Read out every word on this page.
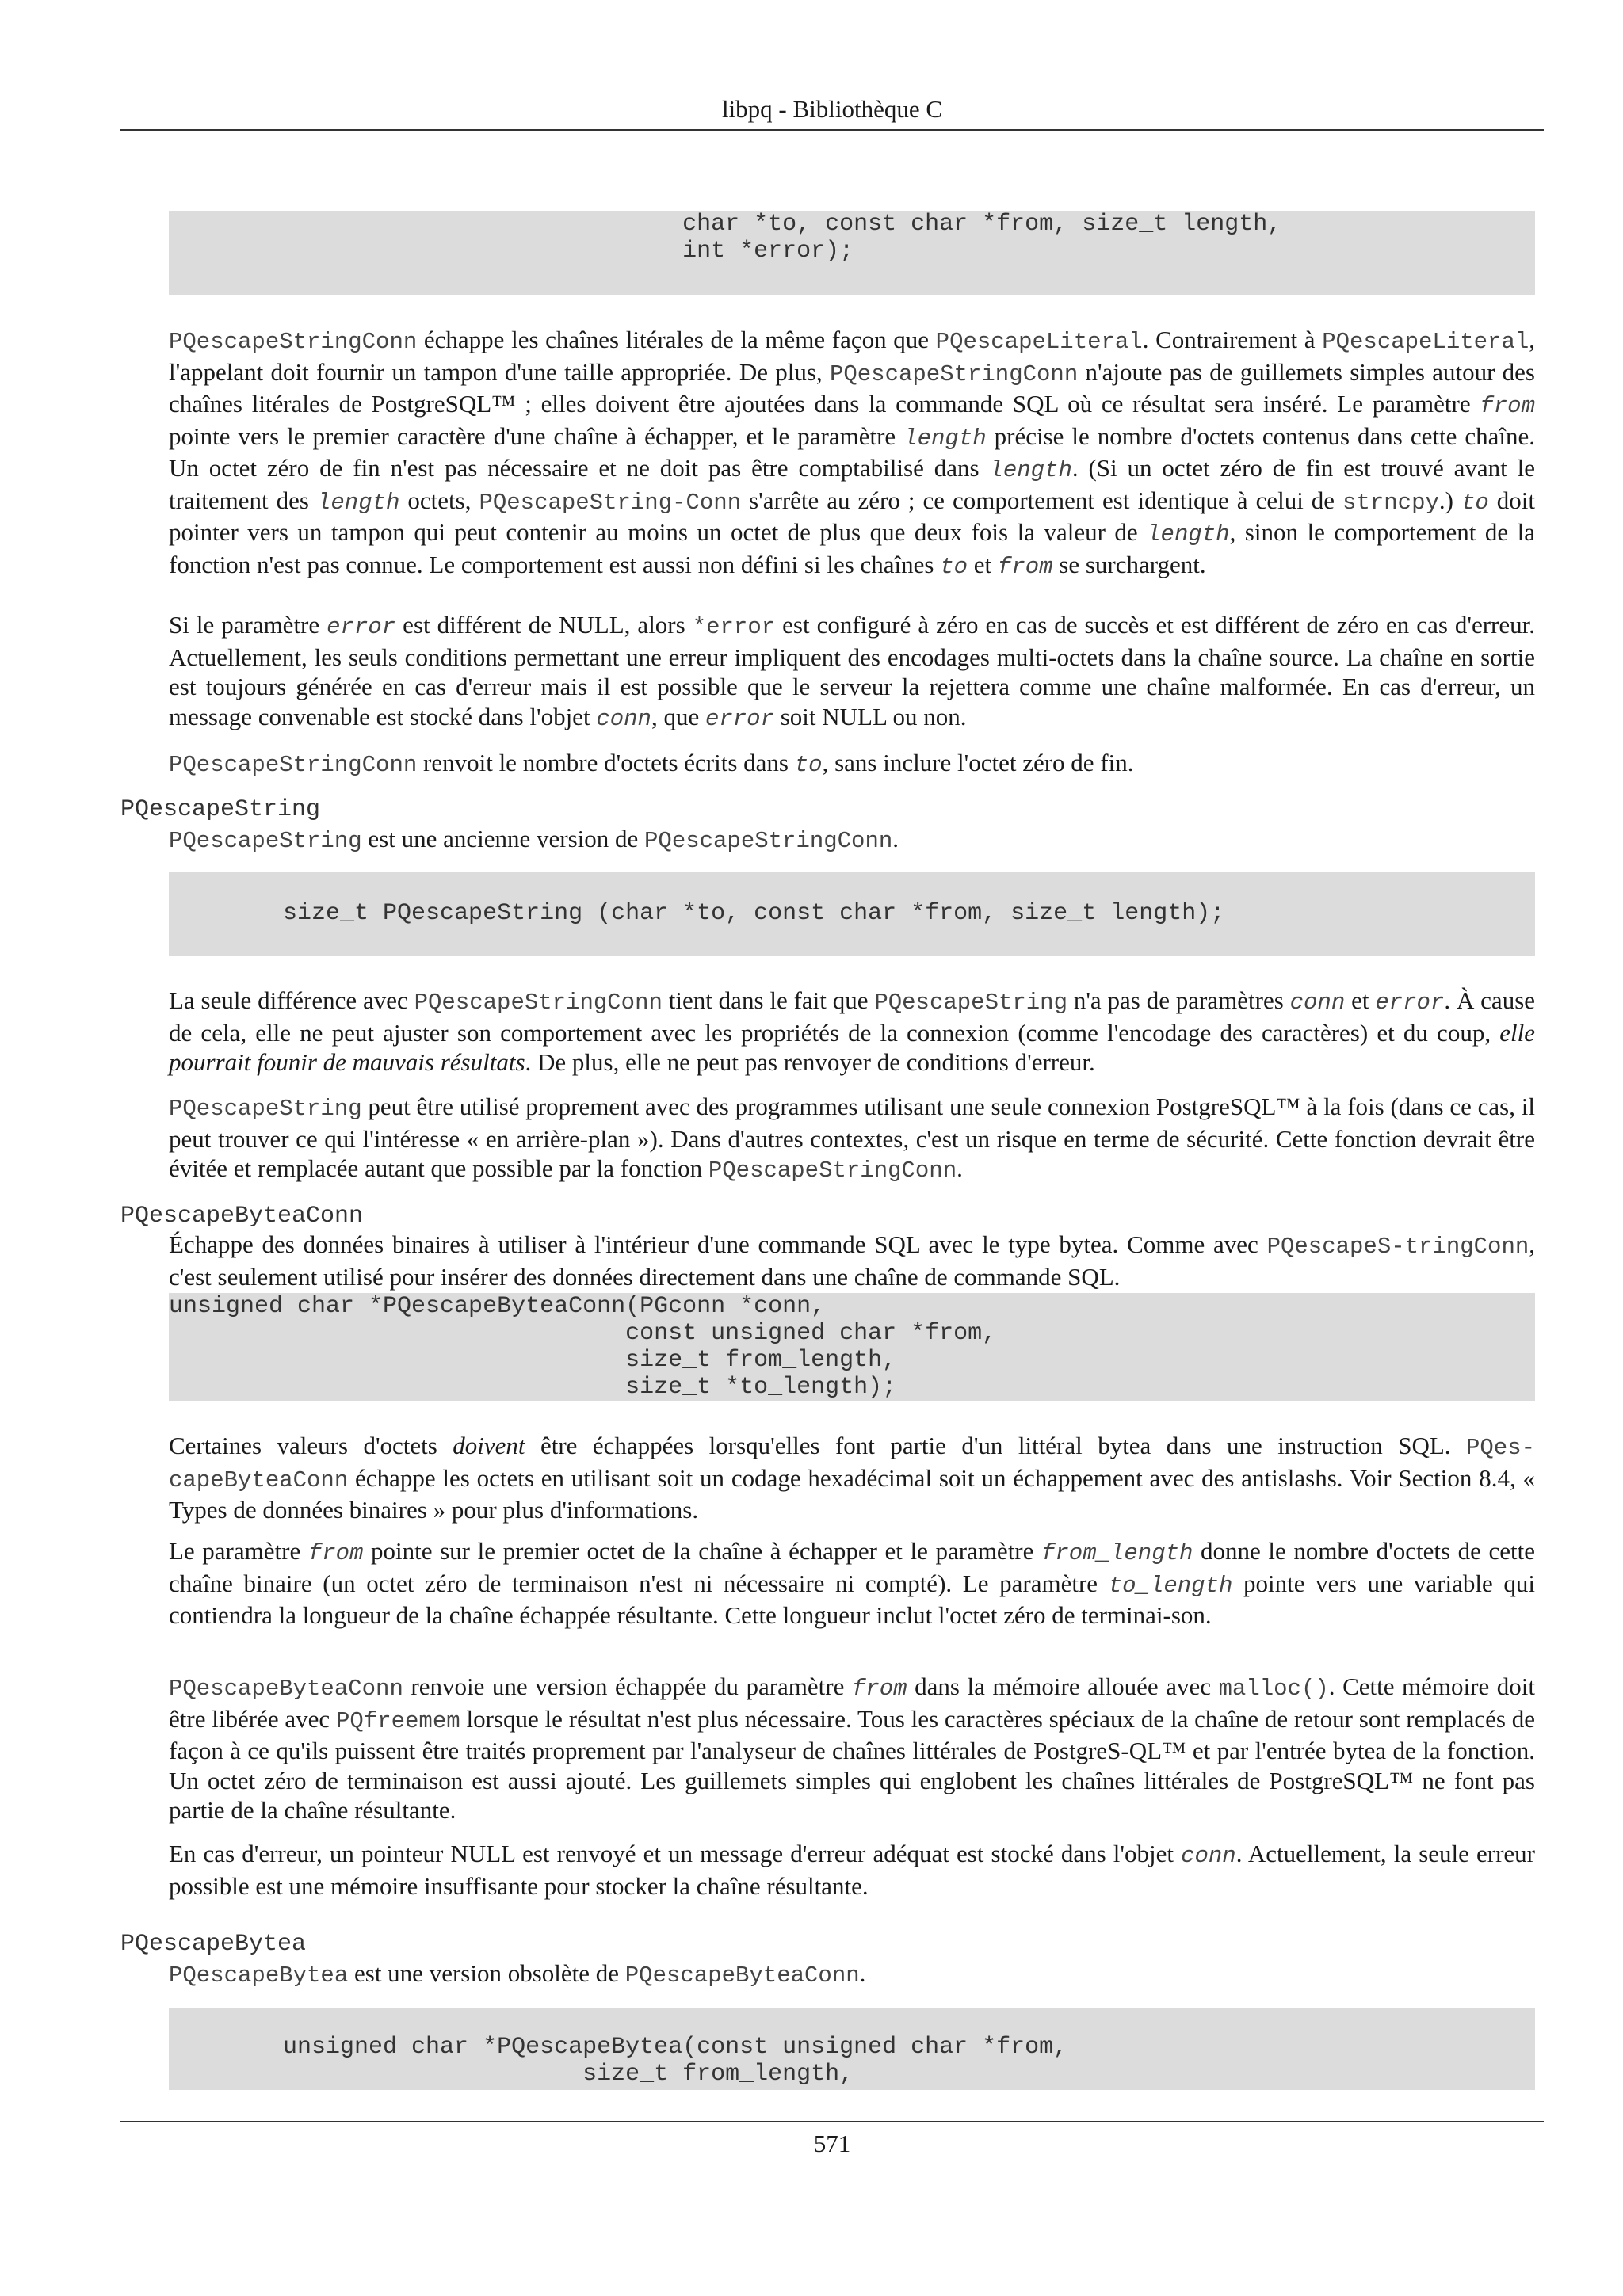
libpq - Bibliothèque C
char *to, const char *from, size_t length,
int *error);

PQescapeStringConn échappe les chaînes litérales de la même façon que PQescapeLiteral. Contrairement à PQescapeLiteral, l'appelant doit fournir un tampon d'une taille appropriée. De plus, PQescapeStringConn n'ajoute pas de guillemets simples autour des chaînes litérales de PostgreSQL™ ; elles doivent être ajoutées dans la commande SQL où ce résultat sera inséré. Le paramètre from pointe vers le premier caractère d'une chaîne à échapper, et le paramètre length précise le nombre d'octets contenus dans cette chaîne. Un octet zéro de fin n'est pas nécessaire et ne doit pas être comptabilisé dans length. (Si un octet zéro de fin est trouvé avant le traitement des length octets, PQescapeString-Conn s'arrête au zéro ; ce comportement est identique à celui de strncpy.) to doit pointer vers un tampon qui peut contenir au moins un octet de plus que deux fois la valeur de length, sinon le comportement de la fonction n'est pas connue. Le comportement est aussi non défini si les chaînes to et from se surchargent.

Si le paramètre error est différent de NULL, alors *error est configuré à zéro en cas de succès et est différent de zéro en cas d'erreur. Actuellement, les seuls conditions permettant une erreur impliquent des encodages multi-octets dans la chaîne source. La chaîne en sortie est toujours générée en cas d'erreur mais il est possible que le serveur la rejettera comme une chaîne malformée. En cas d'erreur, un message convenable est stocké dans l'objet conn, que error soit NULL ou non.

PQescapeStringConn renvoit le nombre d'octets écrits dans to, sans inclure l'octet zéro de fin.

PQescapeString

PQescapeString est une ancienne version de PQescapeStringConn.

size_t PQescapeString (char *to, const char *from, size_t length);

La seule différence avec PQescapeStringConn tient dans le fait que PQescapeString n'a pas de paramètres conn et error. À cause de cela, elle ne peut ajuster son comportement avec les propriétés de la connexion (comme l'encodage des caractères) et du coup, elle pourrait founir de mauvais résultats. De plus, elle ne peut pas renvoyer de conditions d'erreur.

PQescapeString peut être utilisé proprement avec des programmes utilisant une seule connexion PostgreSQL™ à la fois (dans ce cas, il peut trouver ce qui l'intéresse « en arrière-plan »). Dans d'autres contextes, c'est un risque en terme de sécurité. Cette fonction devrait être évitée et remplacée autant que possible par la fonction PQescapeStringConn.

PQescapeByteaConn

Échappe des données binaires à utiliser à l'intérieur d'une commande SQL avec le type bytea. Comme avec PQescapeS-tringConn, c'est seulement utilisé pour insérer des données directement dans une chaîne de commande SQL.

unsigned char *PQescapeByteaConn(PGconn *conn,
const unsigned char *from,
size_t from_length,
size_t *to_length);

Certaines valeurs d'octets doivent être échappées lorsqu'elles font partie d'un littéral bytea dans une instruction SQL. PQes-capeByteaConn échappe les octets en utilisant soit un codage hexadécimal soit un échappement avec des antislashs. Voir Section 8.4, « Types de données binaires » pour plus d'informations.

Le paramètre from pointe sur le premier octet de la chaîne à échapper et le paramètre from_length donne le nombre d'octets de cette chaîne binaire (un octet zéro de terminaison n'est ni nécessaire ni compté). Le paramètre to_length pointe vers une variable qui contiendra la longueur de la chaîne échappée résultante. Cette longueur inclut l'octet zéro de terminai-son.

PQescapeByteaConn renvoie une version échappée du paramètre from dans la mémoire allouée avec malloc(). Cette mémoire doit être libérée avec PQfreemem lorsque le résultat n'est plus nécessaire. Tous les caractères spéciaux de la chaîne de retour sont remplacés de façon à ce qu'ils puissent être traités proprement par l'analyseur de chaînes littérales de PostgreS-QL™ et par l'entrée bytea de la fonction. Un octet zéro de terminaison est aussi ajouté. Les guillemets simples qui englobent les chaînes littérales de PostgreSQL™ ne font pas partie de la chaîne résultante.

En cas d'erreur, un pointeur NULL est renvoyé et un message d'erreur adéquat est stocké dans l'objet conn. Actuellement, la seule erreur possible est une mémoire insuffisante pour stocker la chaîne résultante.

PQescapeBytea

PQescapeBytea est une version obsolète de PQescapeByteaConn.

unsigned char *PQescapeBytea(const unsigned char *from,
size_t from_length,
571
